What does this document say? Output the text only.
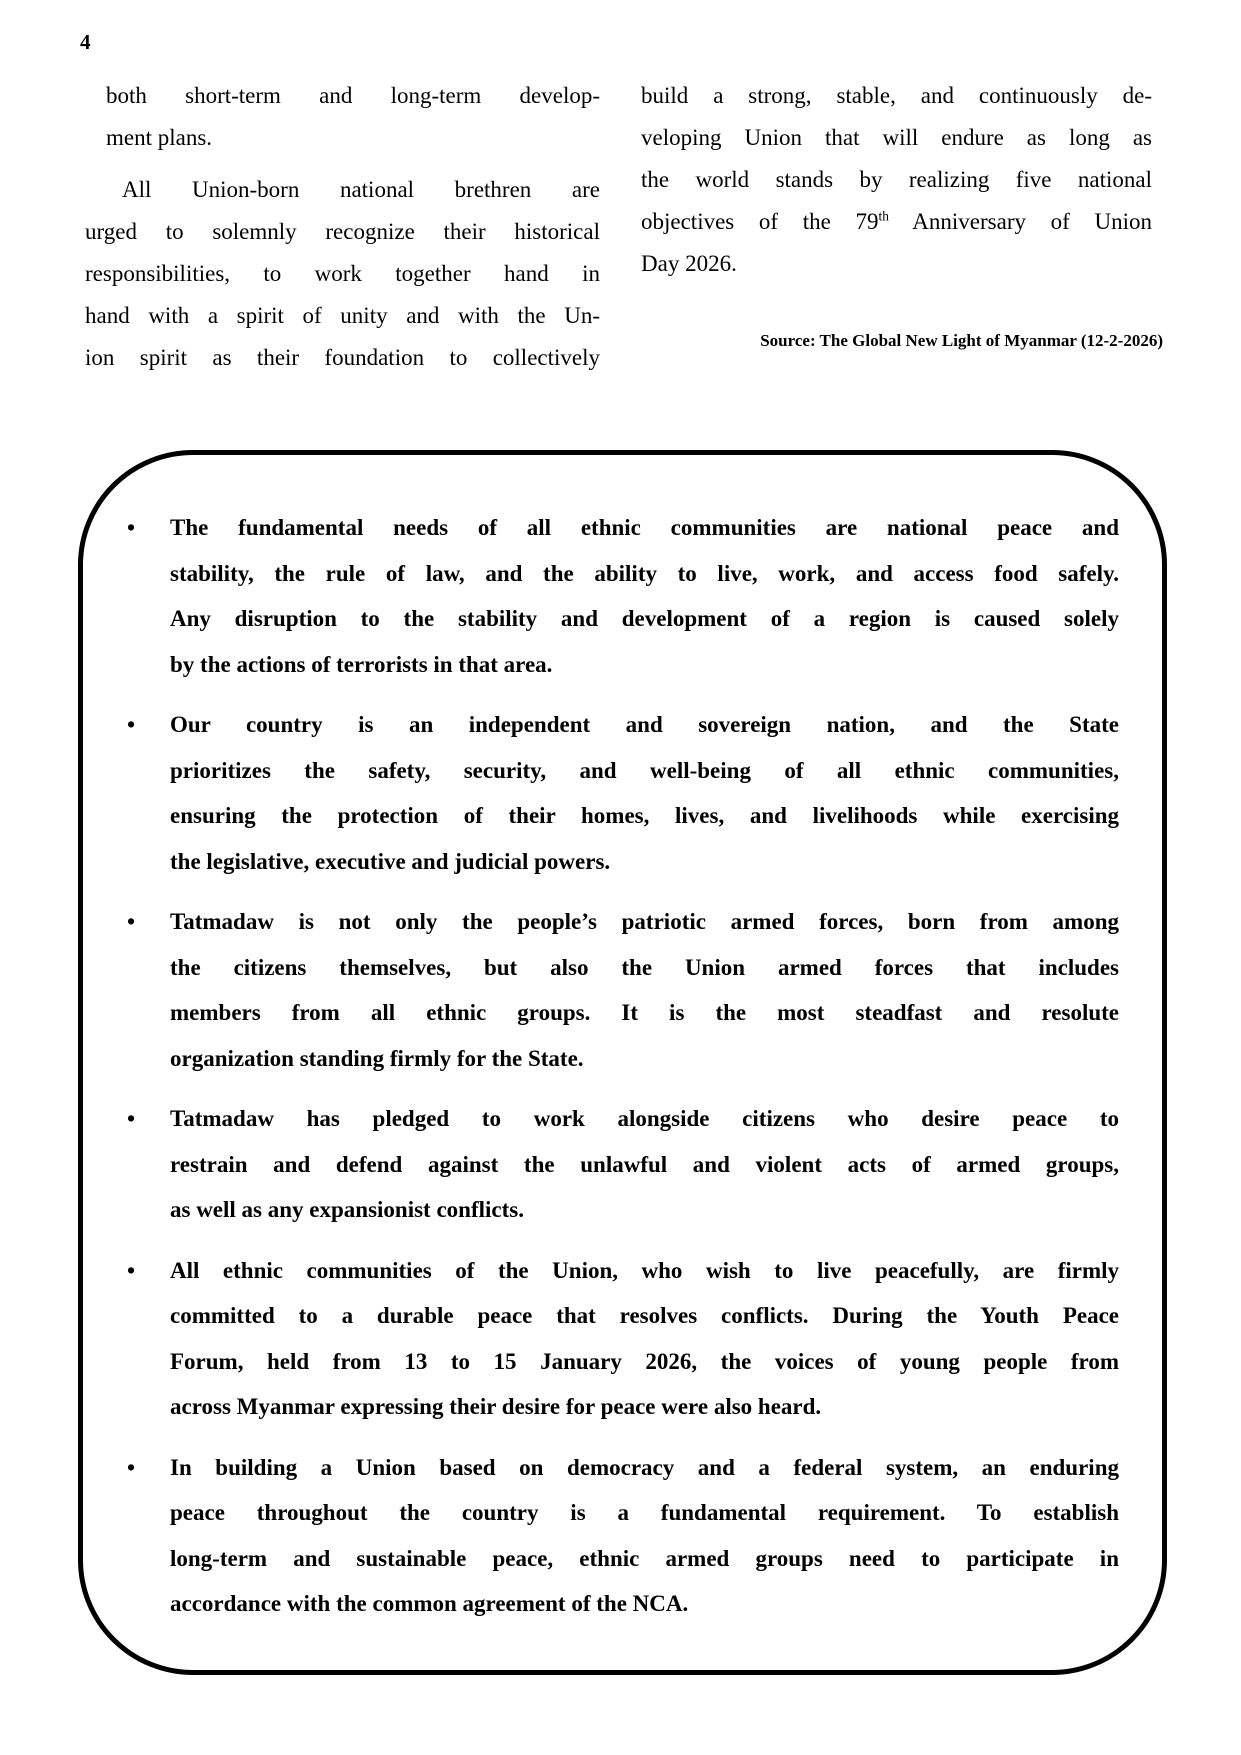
4
both short-term and long-term develop-
ment plans.
All Union-born national brethren are
urged to solemnly recognize their historical
responsibilities, to work together hand in
hand with a spirit of unity and with the Un-
ion spirit as their foundation to collectively
build a strong, stable, and continuously de-
veloping Union that will endure as long as
the world stands by realizing five national
objectives of the 79th Anniversary of Union
Day 2026.
Source: The Global New Light of Myanmar (12-2-2026)
• The fundamental needs of all ethnic communities are national peace and
stability, the rule of law, and the ability to live, work, and access food safely.
Any disruption to the stability and development of a region is caused solely
by the actions of terrorists in that area.
• Our country is an independent and sovereign nation, and the State
prioritizes the safety, security, and well-being of all ethnic communities,
ensuring the protection of their homes, lives, and livelihoods while exercising
the legislative, executive and judicial powers.
• Tatmadaw is not only the people’s patriotic armed forces, born from among
the citizens themselves, but also the Union armed forces that includes
members from all ethnic groups. It is the most steadfast and resolute
organization standing firmly for the State.
• Tatmadaw has pledged to work alongside citizens who desire peace to
restrain and defend against the unlawful and violent acts of armed groups,
as well as any expansionist conflicts.
• All ethnic communities of the Union, who wish to live peacefully, are firmly
committed to a durable peace that resolves conflicts. During the Youth Peace
Forum, held from 13 to 15 January 2026, the voices of young people from
across Myanmar expressing their desire for peace were also heard.
• In building a Union based on democracy and a federal system, an enduring
peace throughout the country is a fundamental requirement. To establish
long-term and sustainable peace, ethnic armed groups need to participate in
accordance with the common agreement of the NCA.
